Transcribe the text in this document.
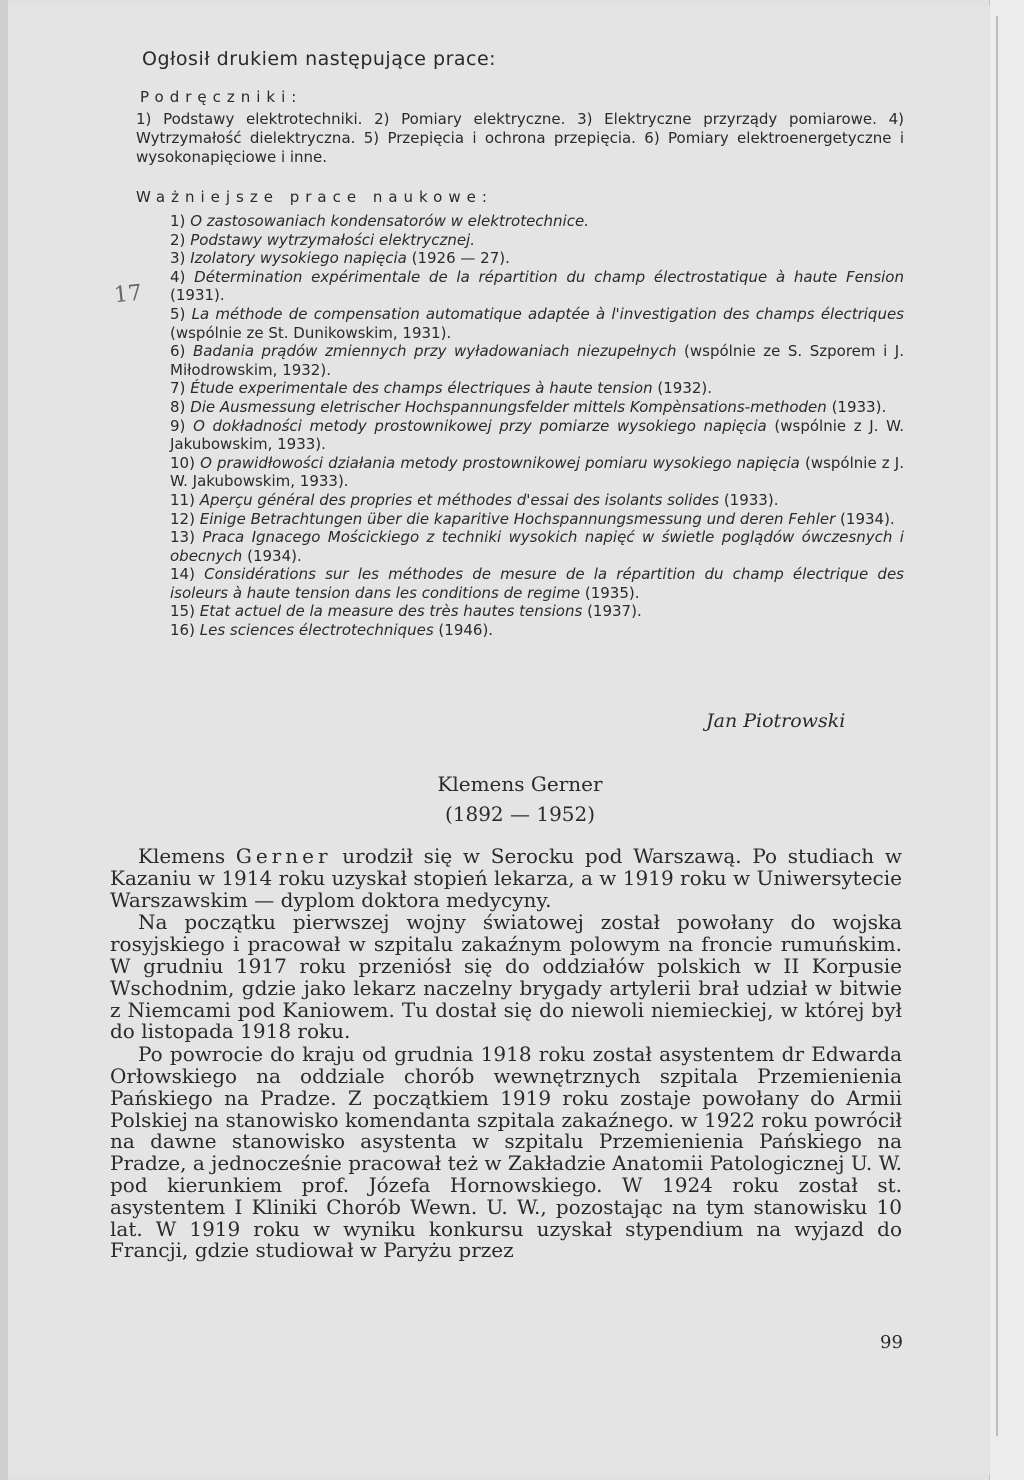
17
Ogłosił drukiem następujące prace:
Podręczniki:
1) Podstawy elektrotechniki. 2) Pomiary elektryczne. 3) Elektryczne przyrządy pomiarowe. 4) Wytrzymałość dielektryczna. 5) Przepięcia i ochrona przepięcia. 6) Pomiary elektroenergetyczne i wysokonapięciowe i inne.
Ważniejsze prace naukowe:

1) O zastosowaniach kondensatorów w elektrotechnice.

2) Podstawy wytrzymałości elektrycznej.

3) Izolatory wysokiego napięcia (1926 — 27).

4) Détermination expérimentale de la répartition du champ électrostatique à haute Fension (1931).

5) La méthode de compensation automatique adaptée à l'investigation des champs électriques (wspólnie ze St. Dunikowskim, 1931).

6) Badania prądów zmiennych przy wyładowaniach niezupełnych (wspólnie ze S. Szporem i J. Miłodrowskim, 1932).

7) Étude experimentale des champs électriques à haute tension (1932).

8) Die Ausmessung eletrischer Hochspannungsfelder mittels Kompènsations-methoden (1933).

9) O dokładności metody prostownikowej przy pomiarze wysokiego napięcia (wspólnie z J. W. Jakubowskim, 1933).

10) O prawidłowości działania metody prostownikowej pomiaru wysokiego napięcia (wspólnie z J. W. Jakubowskim, 1933).

11) Aperçu général des propries et méthodes d'essai des isolants solides (1933).

12) Einige Betrachtungen über die kaparitive Hochspannungsmessung und deren Fehler (1934).

13) Praca Ignacego Mościckiego z techniki wysokich napięć w świetle poglądów ówczesnych i obecnych (1934).

14) Considérations sur les méthodes de mesure de la répartition du champ électrique des isoleurs à haute tension dans les conditions de regime (1935).

15) Etat actuel de la measure des très hautes tensions (1937).

16) Les sciences électrotechniques (1946).

Jan Piotrowski
Klemens Gerner
(1892 — 1952)

Klemens Gerner urodził się w Serocku pod Warszawą. Po studiach w Kazaniu w 1914 roku uzyskał stopień lekarza, a w 1919 roku w Uniwersytecie Warszawskim — dyplom doktora medycyny.

Na początku pierwszej wojny światowej został powołany do wojska rosyjskiego i pracował w szpitalu zakaźnym polowym na froncie rumuńskim. W grudniu 1917 roku przeniósł się do oddziałów polskich w II Korpusie Wschodnim, gdzie jako lekarz naczelny brygady artylerii brał udział w bitwie z Niemcami pod Kaniowem. Tu dostał się do niewoli niemieckiej, w której był do listopada 1918 roku.

Po powrocie do kraju od grudnia 1918 roku został asystentem dr Edwarda Orłowskiego na oddziale chorób wewnętrznych szpitala Przemienienia Pańskiego na Pradze. Z początkiem 1919 roku zostaje powołany do Armii Polskiej na stanowisko komendanta szpitala zakaźnego. w 1922 roku powrócił na dawne stanowisko asystenta w szpitalu Przemienienia Pańskiego na Pradze, a jednocześnie pracował też w Zakładzie Anatomii Patologicznej U. W. pod kierunkiem prof. Józefa Hornowskiego. W 1924 roku został st. asystentem I Kliniki Chorób Wewn. U. W., pozostając na tym stanowisku 10 lat. W 1919 roku w wyniku konkursu uzyskał stypendium na wyjazd do Francji, gdzie studiował w Paryżu przez

99
